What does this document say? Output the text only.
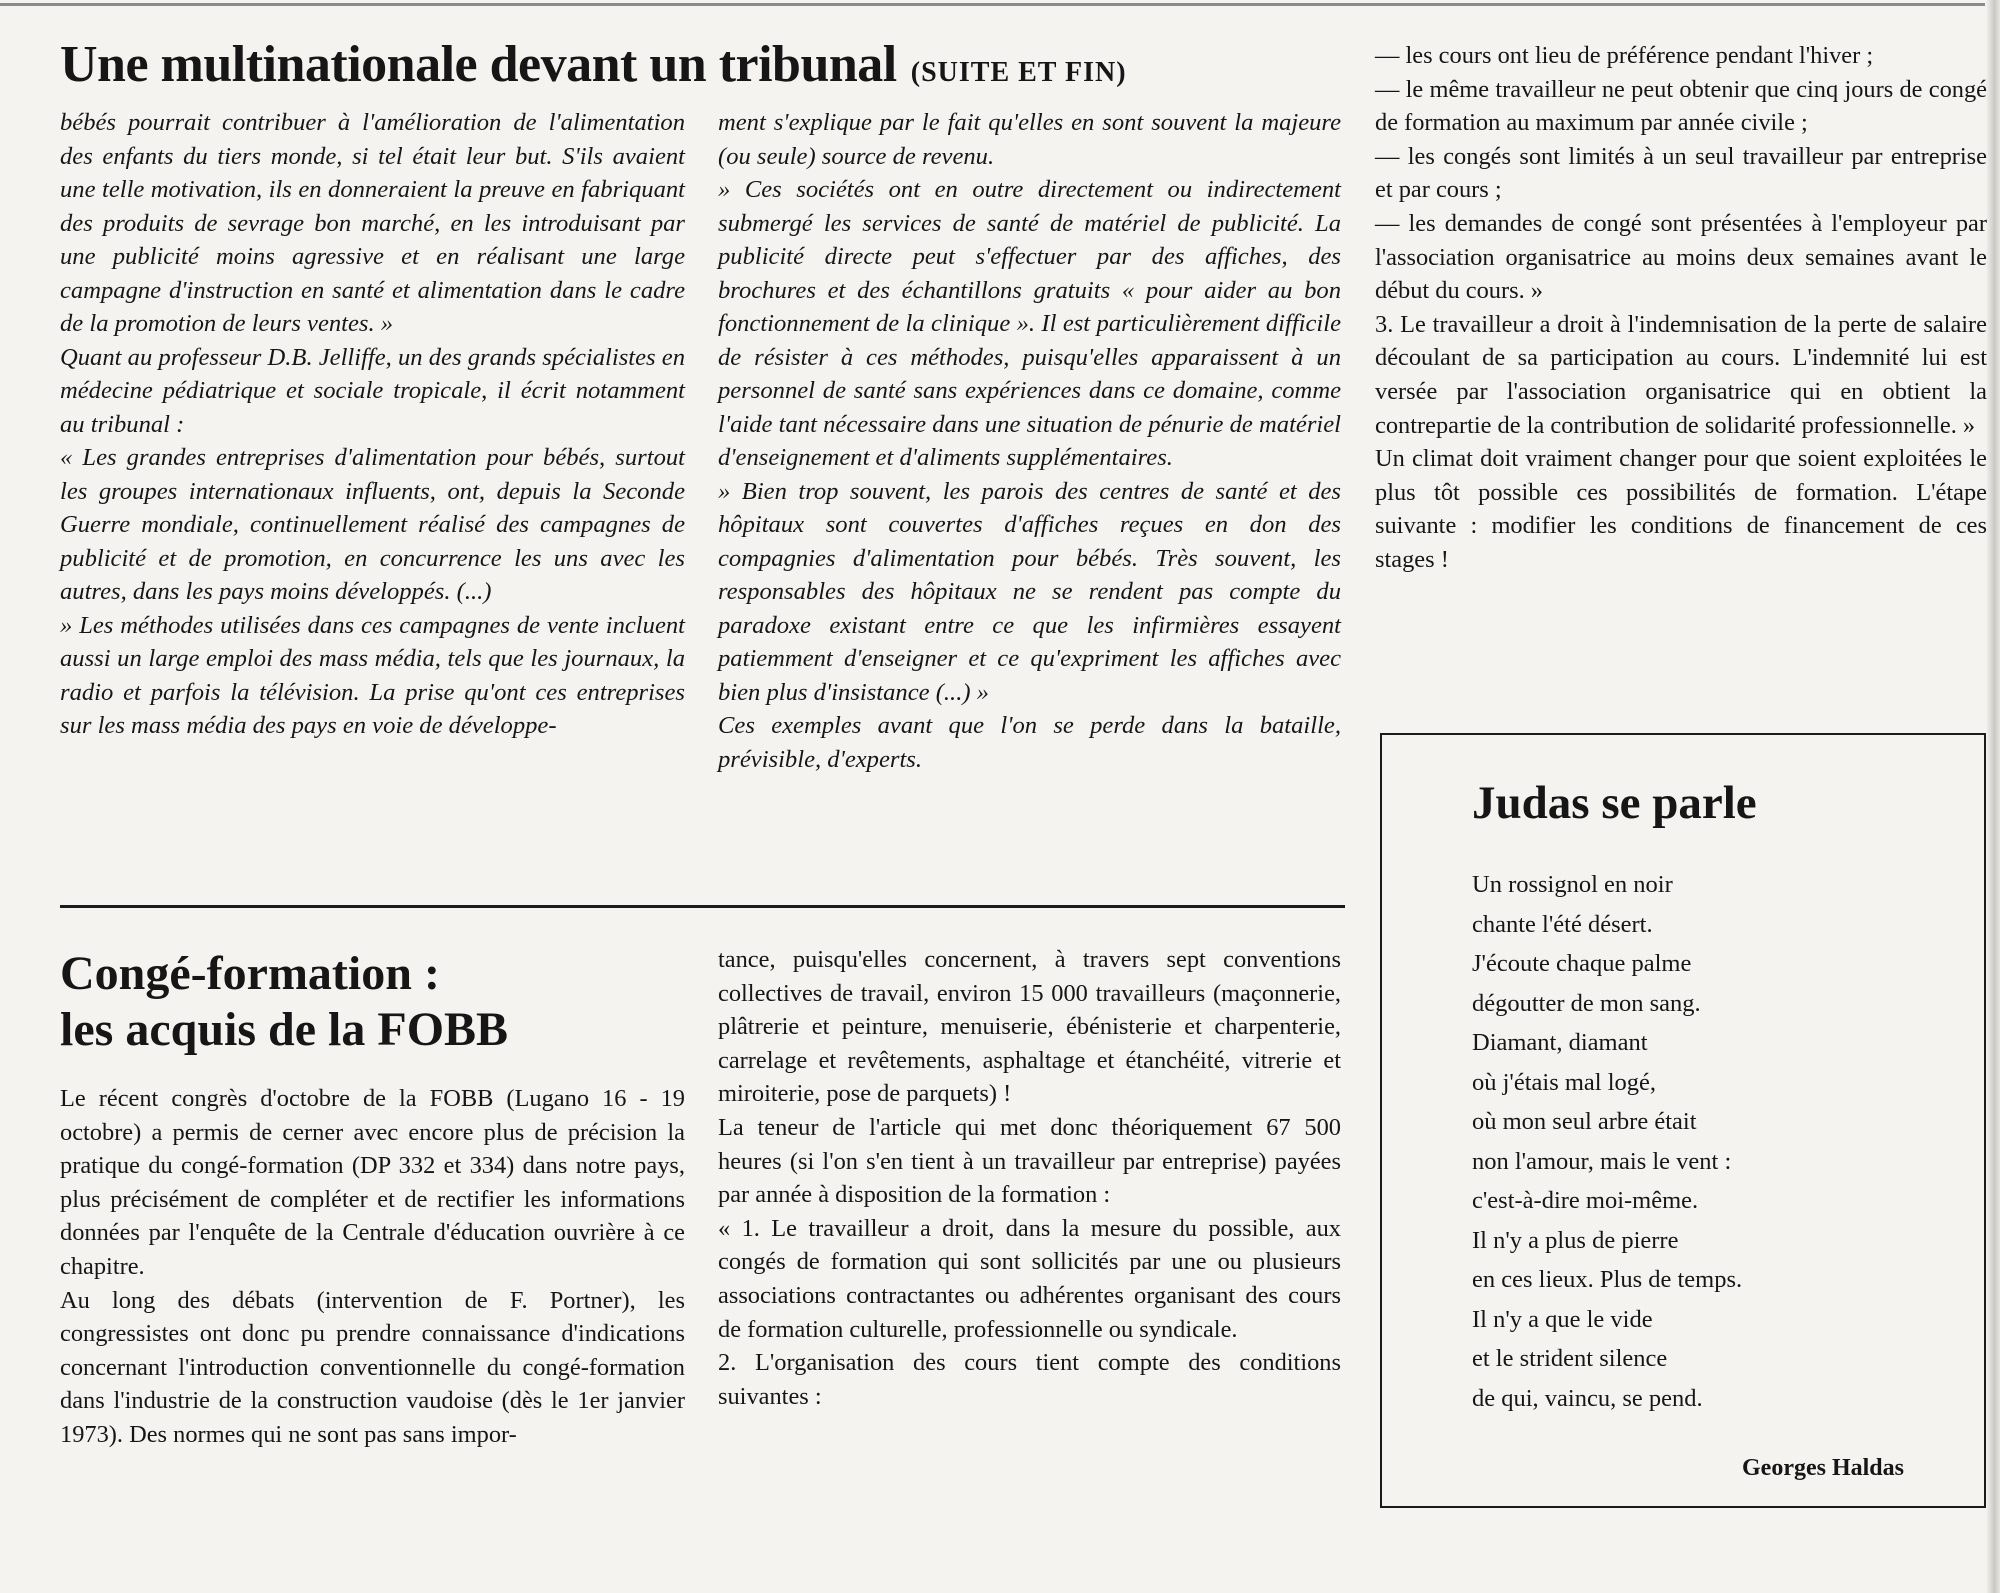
Une multinationale devant un tribunal (SUITE ET FIN)

bébés pourrait contribuer à l'amélioration de l'alimentation des enfants du tiers monde, si tel était leur but. S'ils avaient une telle motivation, ils en donneraient la preuve en fabriquant des produits de sevrage bon marché, en les introduisant par une publicité moins agressive et en réalisant une large campagne d'instruction en santé et alimentation dans le cadre de la promotion de leurs ventes. »

Quant au professeur D.B. Jelliffe, un des grands spécialistes en médecine pédiatrique et sociale tropicale, il écrit notamment au tribunal :

« Les grandes entreprises d'alimentation pour bébés, surtout les groupes internationaux influents, ont, depuis la Seconde Guerre mondiale, continuellement réalisé des campagnes de publicité et de promotion, en concurrence les uns avec les autres, dans les pays moins développés. (...)

» Les méthodes utilisées dans ces campagnes de vente incluent aussi un large emploi des mass média, tels que les journaux, la radio et parfois la télévision. La prise qu'ont ces entreprises sur les mass média des pays en voie de développe-

ment s'explique par le fait qu'elles en sont souvent la majeure (ou seule) source de revenu.

» Ces sociétés ont en outre directement ou indirectement submergé les services de santé de matériel de publicité. La publicité directe peut s'effectuer par des affiches, des brochures et des échantillons gratuits « pour aider au bon fonctionnement de la clinique ». Il est particulièrement difficile de résister à ces méthodes, puisqu'elles apparaissent à un personnel de santé sans expériences dans ce domaine, comme l'aide tant nécessaire dans une situation de pénurie de matériel d'enseignement et d'aliments supplémentaires.

» Bien trop souvent, les parois des centres de santé et des hôpitaux sont couvertes d'affiches reçues en don des compagnies d'alimentation pour bébés. Très souvent, les responsables des hôpitaux ne se rendent pas compte du paradoxe existant entre ce que les infirmières essayent patiemment d'enseigner et ce qu'expriment les affiches avec bien plus d'insistance (...) »

Ces exemples avant que l'on se perde dans la bataille, prévisible, d'experts.

Congé-formation :
les acquis de la FOBB

Le récent congrès d'octobre de la FOBB (Lugano 16 - 19 octobre) a permis de cerner avec encore plus de précision la pratique du congé-formation (DP 332 et 334) dans notre pays, plus précisément de compléter et de rectifier les informations données par l'enquête de la Centrale d'éducation ouvrière à ce chapitre.

Au long des débats (intervention de F. Portner), les congressistes ont donc pu prendre connaissance d'indications concernant l'introduction conventionnelle du congé-formation dans l'industrie de la construction vaudoise (dès le 1er janvier 1973). Des normes qui ne sont pas sans impor-

tance, puisqu'elles concernent, à travers sept conventions collectives de travail, environ 15 000 travailleurs (maçonnerie, plâtrerie et peinture, menuiserie, ébénisterie et charpenterie, carrelage et revêtements, asphaltage et étanchéité, vitrerie et miroiterie, pose de parquets) !

La teneur de l'article qui met donc théoriquement 67 500 heures (si l'on s'en tient à un travailleur par entreprise) payées par année à disposition de la formation :

« 1. Le travailleur a droit, dans la mesure du possible, aux congés de formation qui sont sollicités par une ou plusieurs associations contractantes ou adhérentes organisant des cours de formation culturelle, professionnelle ou syndicale.

2. L'organisation des cours tient compte des conditions suivantes :

— les cours ont lieu de préférence pendant l'hiver ;

— le même travailleur ne peut obtenir que cinq jours de congé de formation au maximum par année civile ;

— les congés sont limités à un seul travailleur par entreprise et par cours ;

— les demandes de congé sont présentées à l'employeur par l'association organisatrice au moins deux semaines avant le début du cours. »

3. Le travailleur a droit à l'indemnisation de la perte de salaire découlant de sa participation au cours. L'indemnité lui est versée par l'association organisatrice qui en obtient la contrepartie de la contribution de solidarité professionnelle. »

Un climat doit vraiment changer pour que soient exploitées le plus tôt possible ces possibilités de formation. L'étape suivante : modifier les conditions de financement de ces stages !

Judas se parle
Un rossignol en noir
chante l'été désert.
J'écoute chaque palme
dégoutter de mon sang.
Diamant, diamant
où j'étais mal logé,
où mon seul arbre était
non l'amour, mais le vent :
c'est-à-dire moi-même.
Il n'y a plus de pierre
en ces lieux. Plus de temps.
Il n'y a que le vide
et le strident silence
de qui, vaincu, se pend.
Georges Haldas
